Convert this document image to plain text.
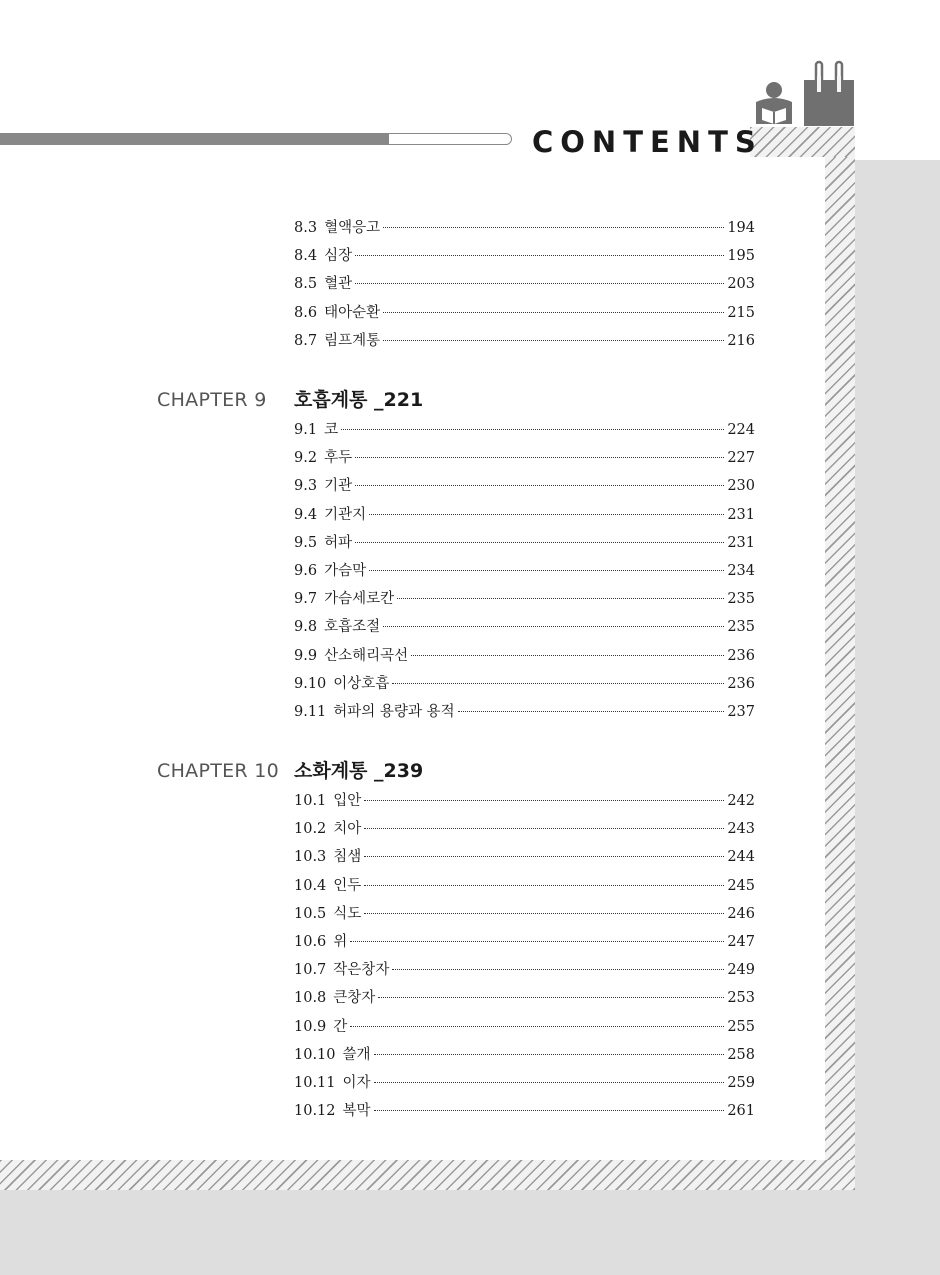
CONTENTS
8.3 혈액응고	194
8.4 심장	195
8.5 혈관	203
8.6 태아순환	215
8.7 림프계통	216
CHAPTER 9 호흡계통 _221
9.1 코	224
9.2 후두	227
9.3 기관	230
9.4 기관지	231
9.5 허파	231
9.6 가슴막	234
9.7 가슴세로칸	235
9.8 호흡조절	235
9.9 산소해리곡선	236
9.10 이상호흡	236
9.11 허파의 용량과 용적	237
CHAPTER 10 소화계통 _239
10.1 입안	242
10.2 치아	243
10.3 침샘	244
10.4 인두	245
10.5 식도	246
10.6 위	247
10.7 작은창자	249
10.8 큰창자	253
10.9 간	255
10.10 쓸개	258
10.11 이자	259
10.12 복막	261
